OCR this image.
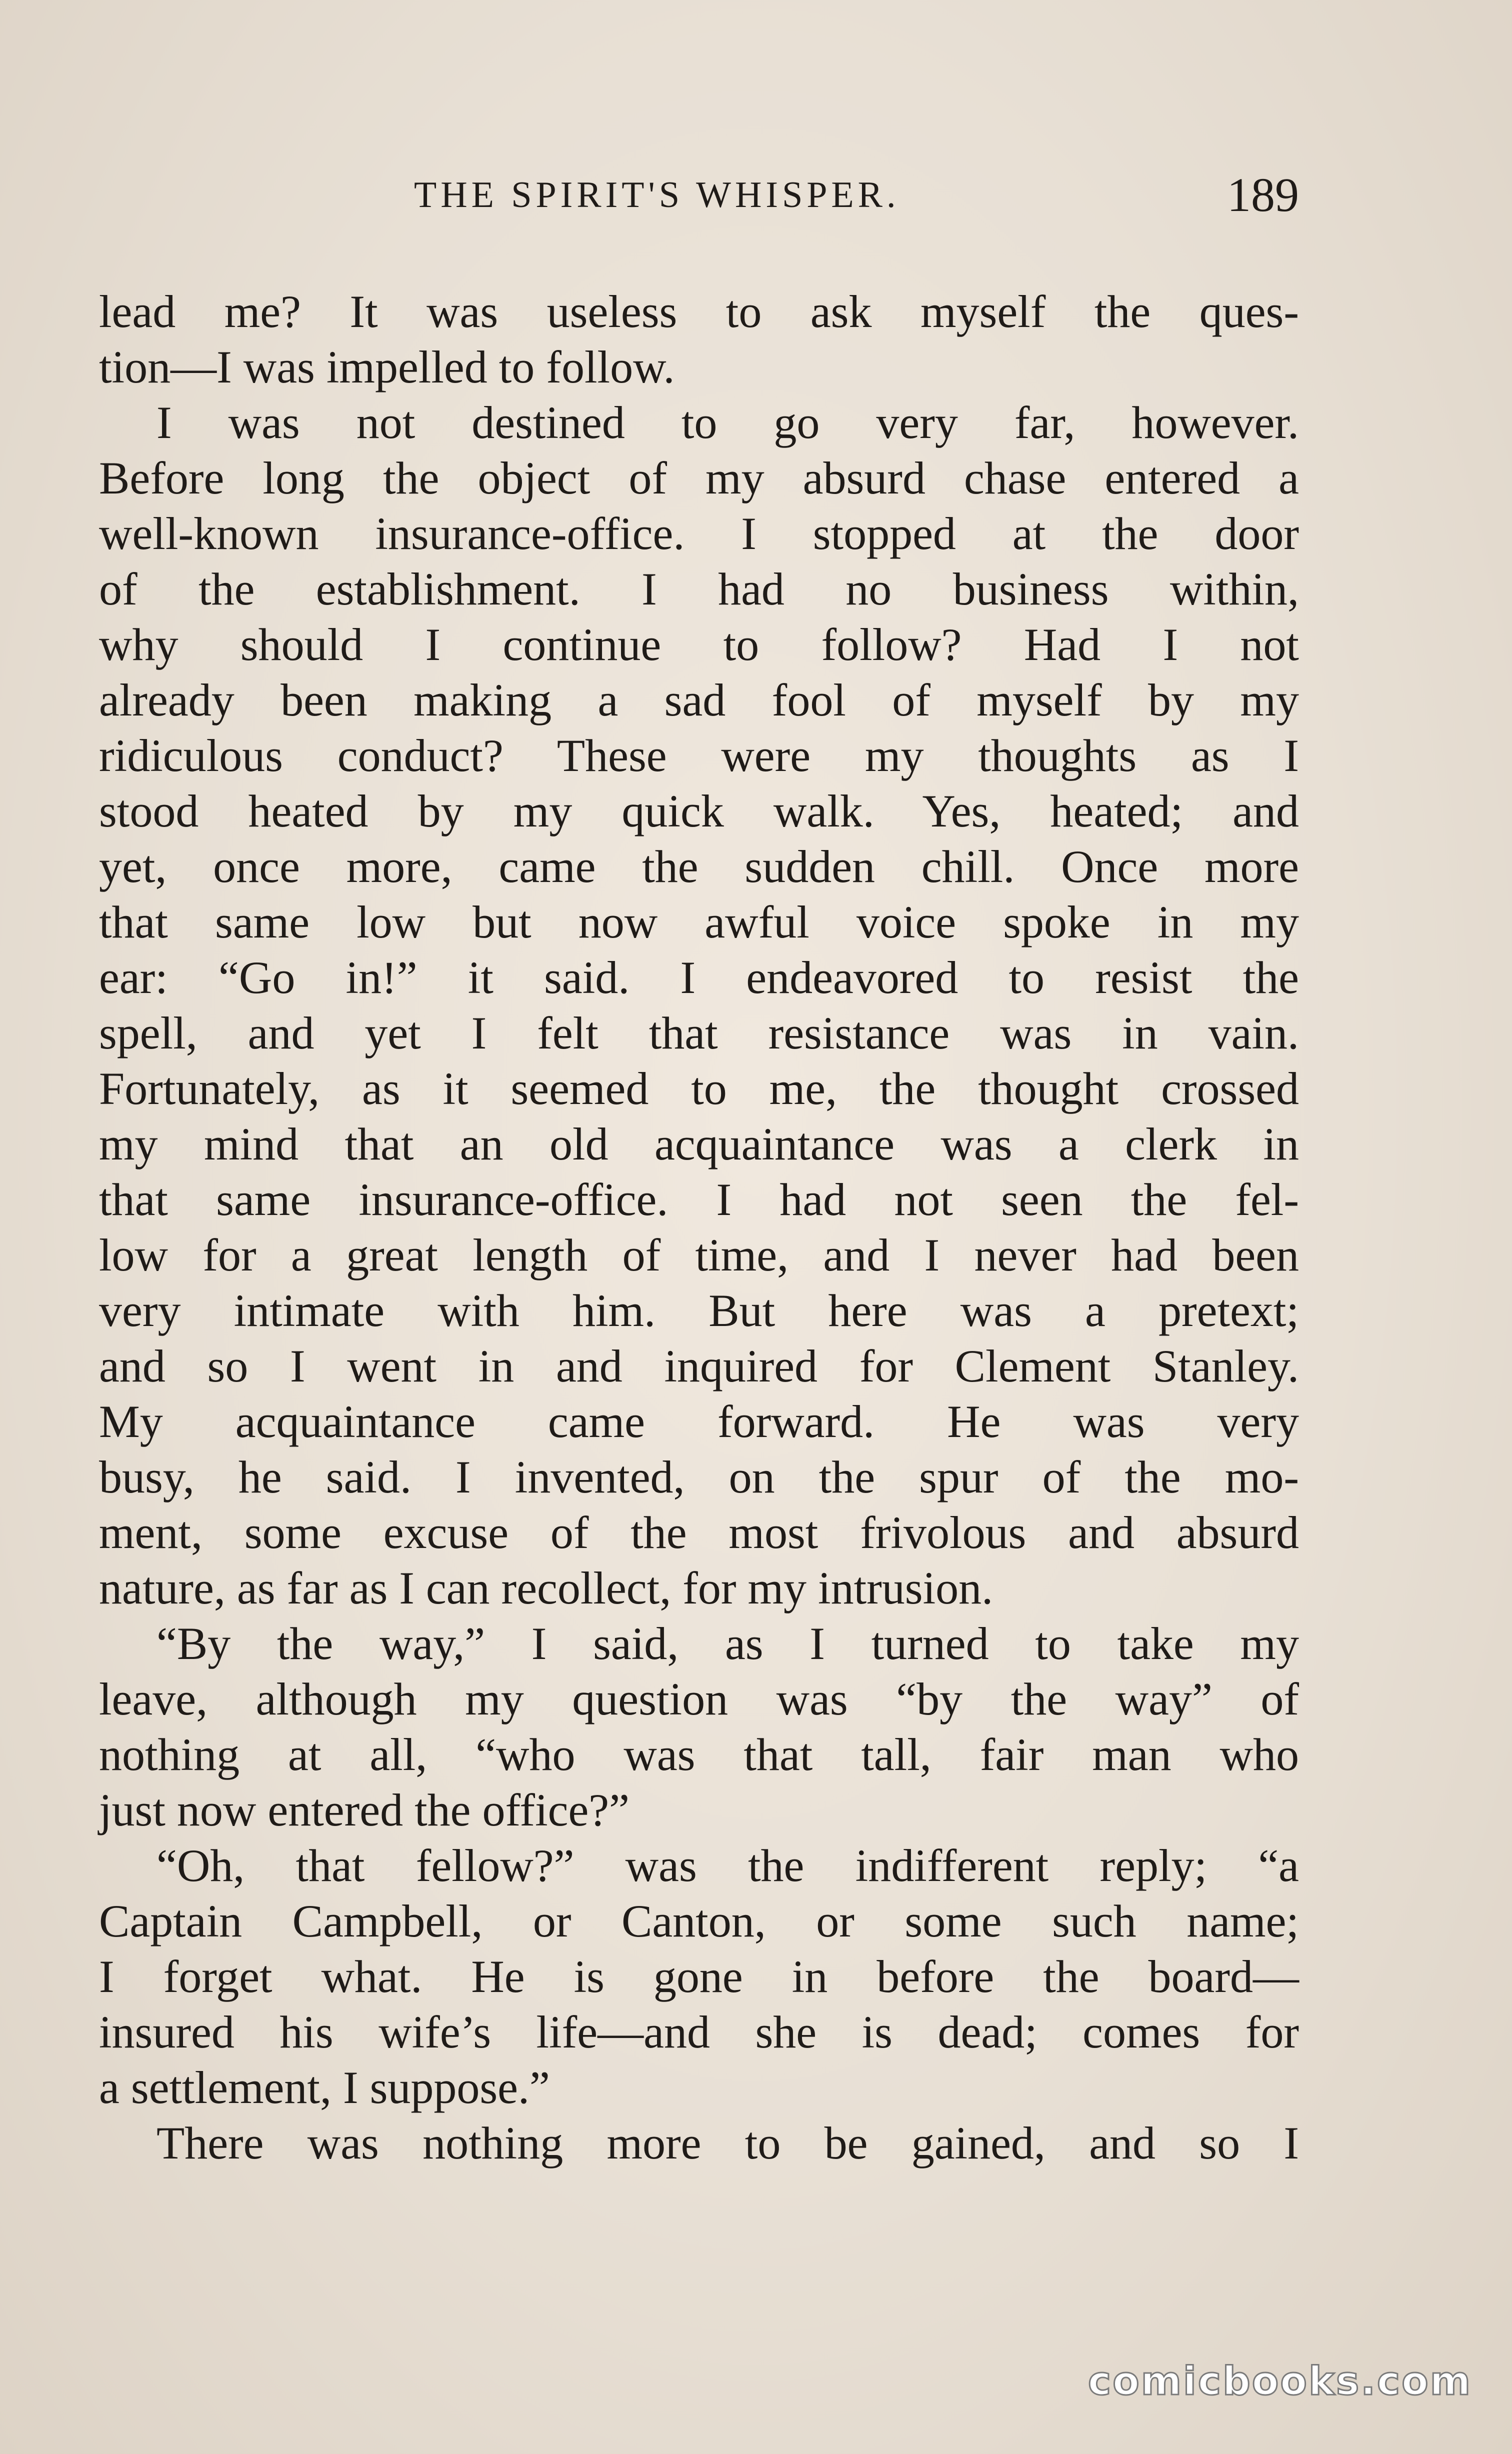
THE SPIRIT'S WHISPER.	189
lead me? It was useless to ask myself the ques-
tion—I was impelled to follow.
I was not destined to go very far, however.
Before long the object of my absurd chase entered a
well-known insurance-office. I stopped at the door
of the establishment. I had no business within,
why should I continue to follow? Had I not
already been making a sad fool of myself by my
ridiculous conduct? These were my thoughts as I
stood heated by my quick walk. Yes, heated; and
yet, once more, came the sudden chill. Once more
that same low but now awful voice spoke in my
ear: “Go in!” it said. I endeavored to resist the
spell, and yet I felt that resistance was in vain.
Fortunately, as it seemed to me, the thought crossed
my mind that an old acquaintance was a clerk in
that same insurance-office. I had not seen the fel-
low for a great length of time, and I never had been
very intimate with him. But here was a pretext;
and so I went in and inquired for Clement Stanley.
My acquaintance came forward. He was very
busy, he said. I invented, on the spur of the mo-
ment, some excuse of the most frivolous and absurd
nature, as far as I can recollect, for my intrusion.
“By the way,” I said, as I turned to take my
leave, although my question was “by the way” of
nothing at all, “who was that tall, fair man who
just now entered the office?”
“Oh, that fellow?” was the indifferent reply; “a
Captain Campbell, or Canton, or some such name;
I forget what. He is gone in before the board—
insured his wife’s life—and she is dead; comes for
a settlement, I suppose.”
There was nothing more to be gained, and so I
comicbooks.com
